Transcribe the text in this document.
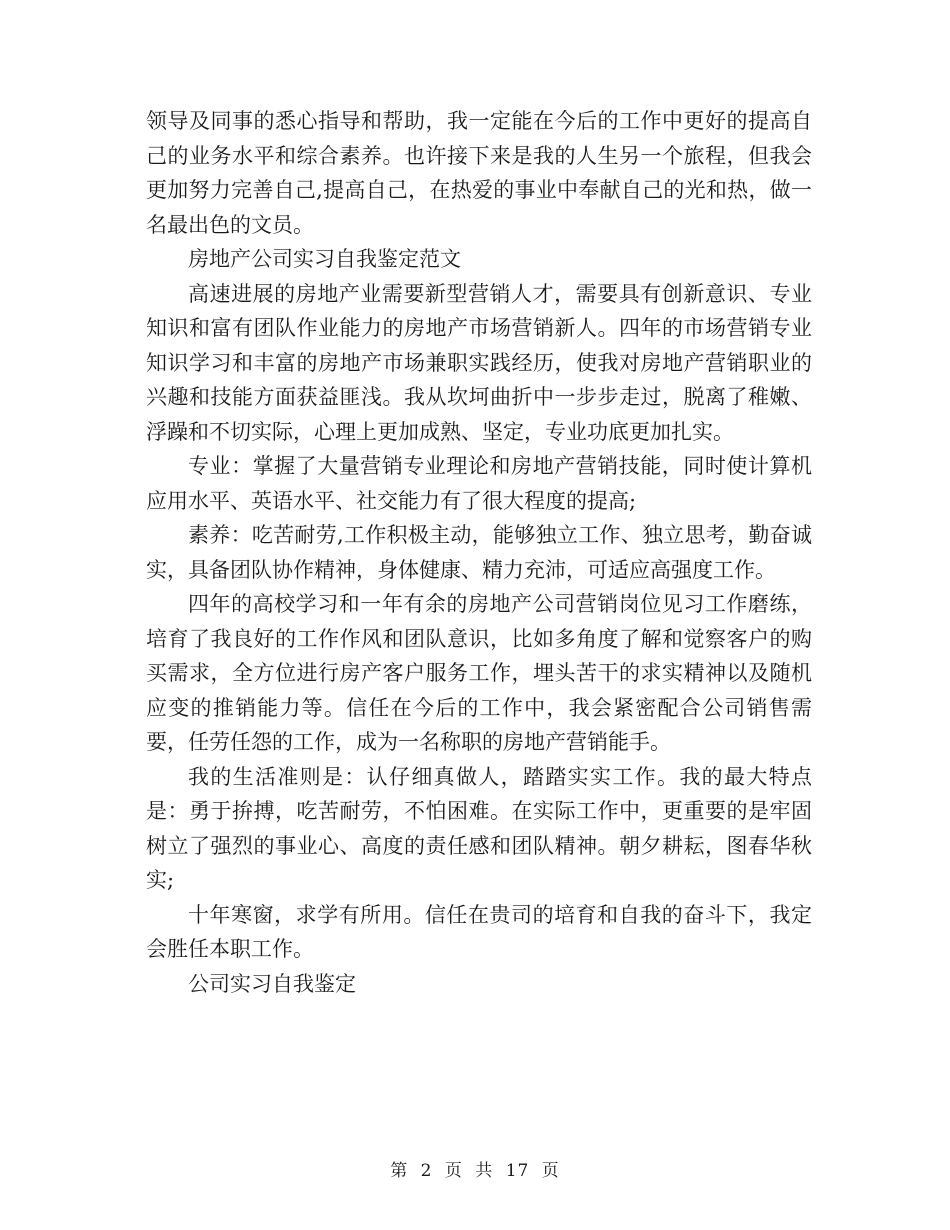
领导及同事的悉心指导和帮助，我一定能在今后的工作中更好的提高自己的业务水平和综合素养。也许接下来是我的人生另一个旅程，但我会更加努力完善自己,提高自己，在热爱的事业中奉献自己的光和热，做一名最出色的文员。

房地产公司实习自我鉴定范文

高速进展的房地产业需要新型营销人才，需要具有创新意识、专业知识和富有团队作业能力的房地产市场营销新人。四年的市场营销专业知识学习和丰富的房地产市场兼职实践经历，使我对房地产营销职业的兴趣和技能方面获益匪浅。我从坎坷曲折中一步步走过，脱离了稚嫩、浮躁和不切实际，心理上更加成熟、坚定，专业功底更加扎实。

专业：掌握了大量营销专业理论和房地产营销技能，同时使计算机应用水平、英语水平、社交能力有了很大程度的提高;

素养：吃苦耐劳,工作积极主动，能够独立工作、独立思考，勤奋诚实，具备团队协作精神，身体健康、精力充沛，可适应高强度工作。

四年的高校学习和一年有余的房地产公司营销岗位见习工作磨练，培育了我良好的工作作风和团队意识，比如多角度了解和觉察客户的购买需求，全方位进行房产客户服务工作，埋头苦干的求实精神以及随机应变的推销能力等。信任在今后的工作中，我会紧密配合公司销售需要，任劳任怨的工作，成为一名称职的房地产营销能手。

我的生活准则是：认仔细真做人，踏踏实实工作。我的最大特点是：勇于拚搏，吃苦耐劳，不怕困难。在实际工作中，更重要的是牢固树立了强烈的事业心、高度的责任感和团队精神。朝夕耕耘，图春华秋实;

十年寒窗，求学有所用。信任在贵司的培育和自我的奋斗下，我定会胜任本职工作。

公司实习自我鉴定

第 2 页 共 17 页
